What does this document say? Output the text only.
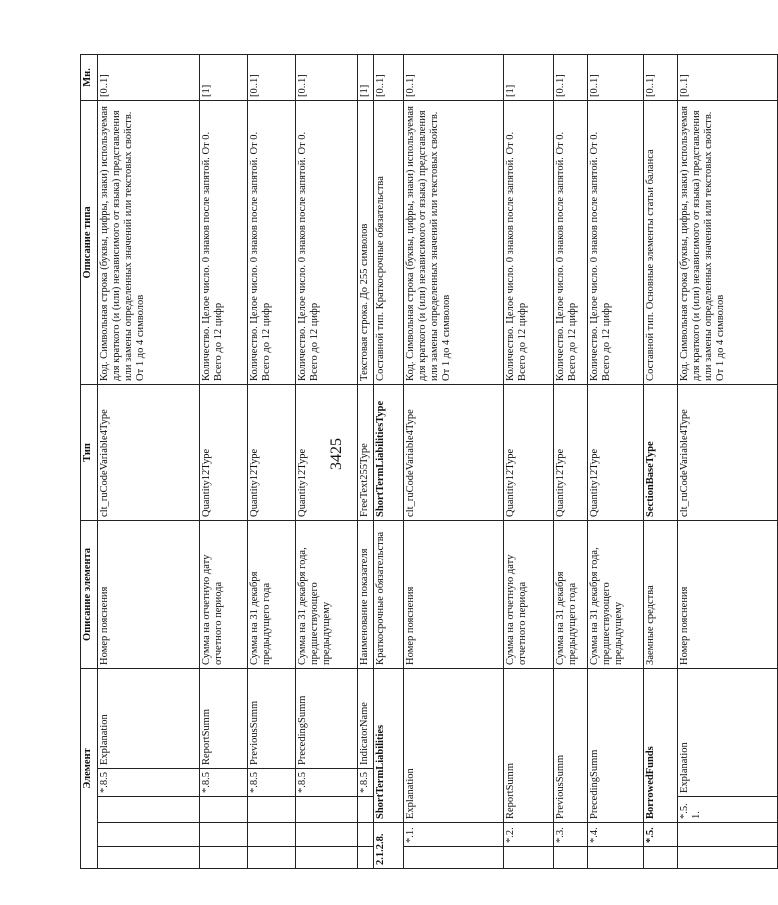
3425
Элемент					Описание элемента	Тип	Описание типа	Мн.
			*.8.5	Explanation	Номер пояснения	clt_ruCodeVariable4Type	Код. Символьная строка (буквы, цифры, знаки) используемая для краткого (и (или) независимого от языка) представления или замены определенных значений или текстовых свойств. От 1 до 4 символов	[0..1]
			*.8.5	ReportSumm	Сумма на отчетную дату отчетного периода	Quantity12Type	Количество. Целое число. 0 знаков после запятой. От 0. Всего до 12 цифр	[1]
			*.8.5	PreviousSumm	Сумма на 31 декабря предыдущего года	Quantity12Type	Количество. Целое число. 0 знаков после запятой. От 0. Всего до 12 цифр	[0..1]
			*.8.5	PrecedingSumm	Сумма на 31 декабря года, предшествующего предыдущему	Quantity12Type	Количество. Целое число. 0 знаков после запятой. От 0. Всего до 12 цифр	[0..1]
			*.8.5	IndicatorName	Наименование показателя	FreeText255Type	Текстовая строка. До 255 символов	[1]
2.1.2.8.		ShortTermLiabilities			Краткосрочные обязательства	ShortTermLiabilitiesType	Составной тип. Краткосрочные обязательства	[0..1]
	*.1.	Explanation			Номер пояснения	clt_ruCodeVariable4Type	Код. Символьная строка (буквы, цифры, знаки) используемая для краткого (и (или) независимого от языка) представления или замены определенных значений или текстовых свойств. От 1 до 4 символов	[0..1]
	*.2.	ReportSumm			Сумма на отчетную дату отчетного периода	Quantity12Type	Количество. Целое число. 0 знаков после запятой. От 0. Всего до 12 цифр	[1]
	*.3.	PreviousSumm			Сумма на 31 декабря предыдущего года	Quantity12Type	Количество. Целое число. 0 знаков после запятой. От 0. Всего до 12 цифр	[0..1]
	*.4.	PrecedingSumm			Сумма на 31 декабря года, предшествующего предыдущему	Quantity12Type	Количество. Целое число. 0 знаков после запятой. От 0. Всего до 12 цифр	[0..1]
	*.5.	BorrowedFunds			Заемные средства	SectionBaseType	Составной тип. Основные элементы статьи баланса	[0..1]
		*.5.1.	Explanation		Номер пояснения	clt_ruCodeVariable4Type	Код. Символьная строка (буквы, цифры, знаки) используемая для краткого (и (или) независимого от языка) представления или замены определенных значений или текстовых свойств. От 1 до 4 символов	[0..1]
